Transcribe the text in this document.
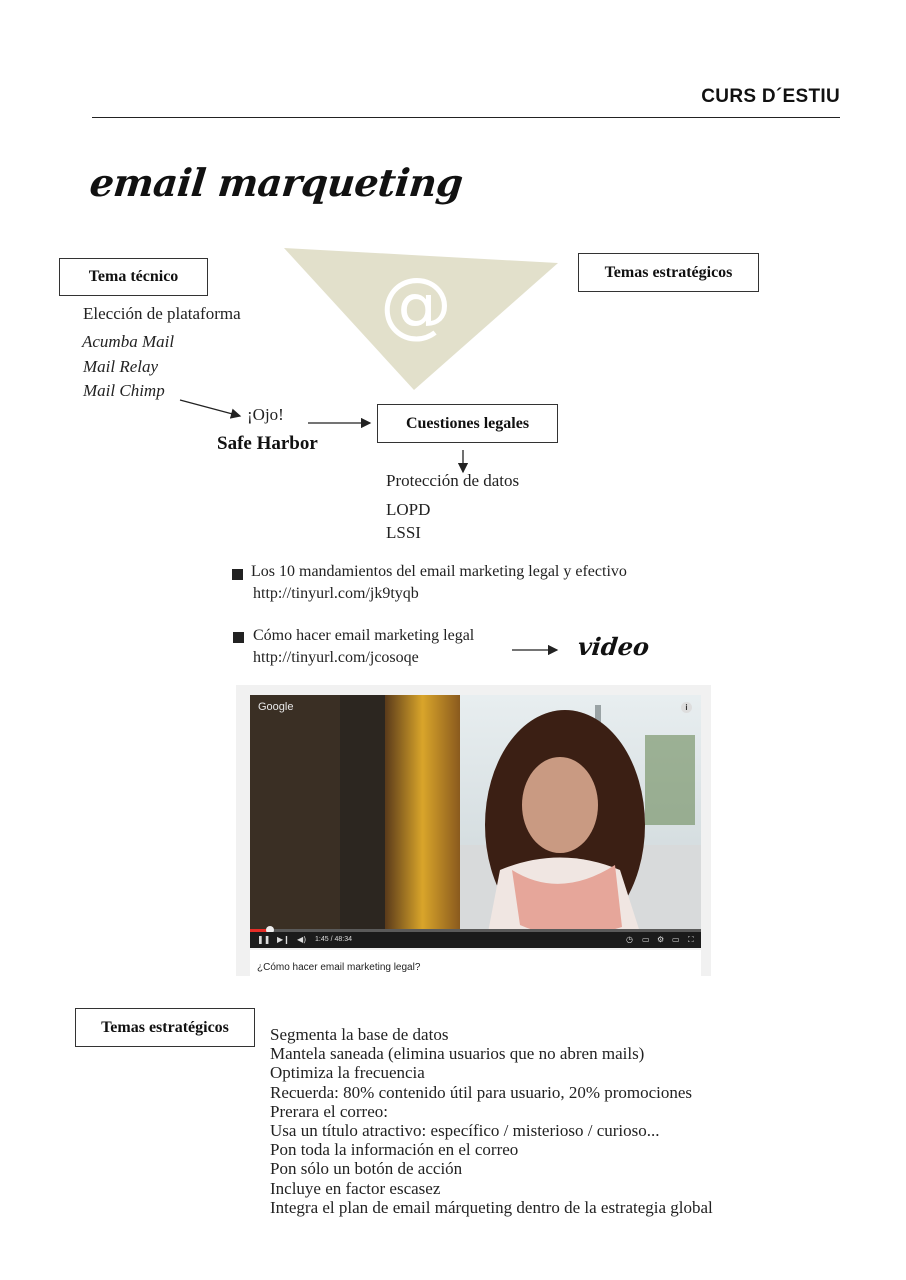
CURS D´ESTIU
email marqueting
@
Tema técnico	Temas estratégicos
Cuestiones legales
Temas estratégicos
Elección de plataforma
Acumba Mail
Mail Relay
Mail Chimp
¡Ojo!
Safe Harbor
Protección de datos
LOPD
LSSI
Los 10 mandamientos del email marketing legal y efectivo
http://tinyurl.com/jk9tyqb
Cómo hacer email marketing legal
http://tinyurl.com/jcosoqe	video
Google	i
❚❚ ▶❙ ◀) 1:45 / 48:34	◷ ▭ ⚙ ▭ ⛶
¿Cómo hacer email marketing legal?
Segmenta la base de datos
Mantela saneada (elimina usuarios que no abren mails)
Optimiza la frecuencia
Recuerda: 80% contenido útil para usuario, 20% promociones
Prerara el correo:
Usa un título atractivo: específico / misterioso / curioso...
Pon toda la información en el correo
Pon sólo un botón de acción
Incluye en factor escasez
Integra el plan de email márqueting dentro de la estrategia global
